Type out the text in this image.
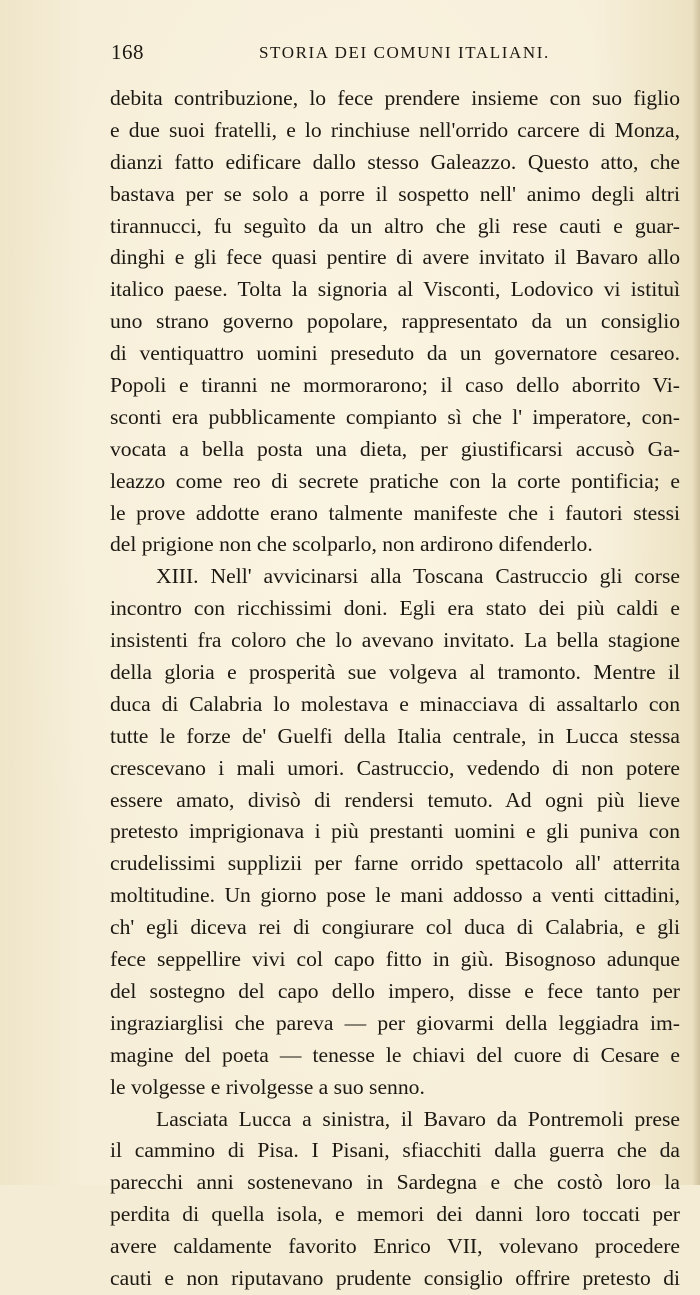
168	STORIA DEI COMUNI ITALIANI.
debita contribuzione, lo fece prendere insieme con suo figlio
e due suoi fratelli, e lo rinchiuse nell'orrido carcere di Monza,
dianzi fatto edificare dallo stesso Galeazzo. Questo atto, che
bastava per se solo a porre il sospetto nell' animo degli altri
tirannucci, fu seguìto da un altro che gli rese cauti e guar-
dinghi e gli fece quasi pentire di avere invitato il Bavaro allo
italico paese. Tolta la signoria al Visconti, Lodovico vi istituì
uno strano governo popolare, rappresentato da un consiglio
di ventiquattro uomini preseduto da un governatore cesareo.
Popoli e tiranni ne mormorarono; il caso dello aborrito Vi-
sconti era pubblicamente compianto sì che l' imperatore, con-
vocata a bella posta una dieta, per giustificarsi accusò Ga-
leazzo come reo di secrete pratiche con la corte pontificia; e
le prove addotte erano talmente manifeste che i fautori stessi
del prigione non che scolparlo, non ardirono difenderlo.
XIII. Nell' avvicinarsi alla Toscana Castruccio gli corse
incontro con ricchissimi doni. Egli era stato dei più caldi e
insistenti fra coloro che lo avevano invitato. La bella stagione
della gloria e prosperità sue volgeva al tramonto. Mentre il
duca di Calabria lo molestava e minacciava di assaltarlo con
tutte le forze de' Guelfi della Italia centrale, in Lucca stessa
crescevano i mali umori. Castruccio, vedendo di non potere
essere amato, divisò di rendersi temuto. Ad ogni più lieve
pretesto imprigionava i più prestanti uomini e gli puniva con
crudelissimi supplizii per farne orrido spettacolo all' atterrita
moltitudine. Un giorno pose le mani addosso a venti cittadini,
ch' egli diceva rei di congiurare col duca di Calabria, e gli
fece seppellire vivi col capo fitto in giù. Bisognoso adunque
del sostegno del capo dello impero, disse e fece tanto per
ingraziarglisi che pareva — per giovarmi della leggiadra im-
magine del poeta — tenesse le chiavi del cuore di Cesare e
le volgesse e rivolgesse a suo senno.
Lasciata Lucca a sinistra, il Bavaro da Pontremoli prese
il cammino di Pisa. I Pisani, sfiacchiti dalla guerra che da
parecchi anni sostenevano in Sardegna e che costò loro la
perdita di quella isola, e memori dei danni loro toccati per
avere caldamente favorito Enrico VII, volevano procedere
cauti e non riputavano prudente consiglio offrire pretesto di
